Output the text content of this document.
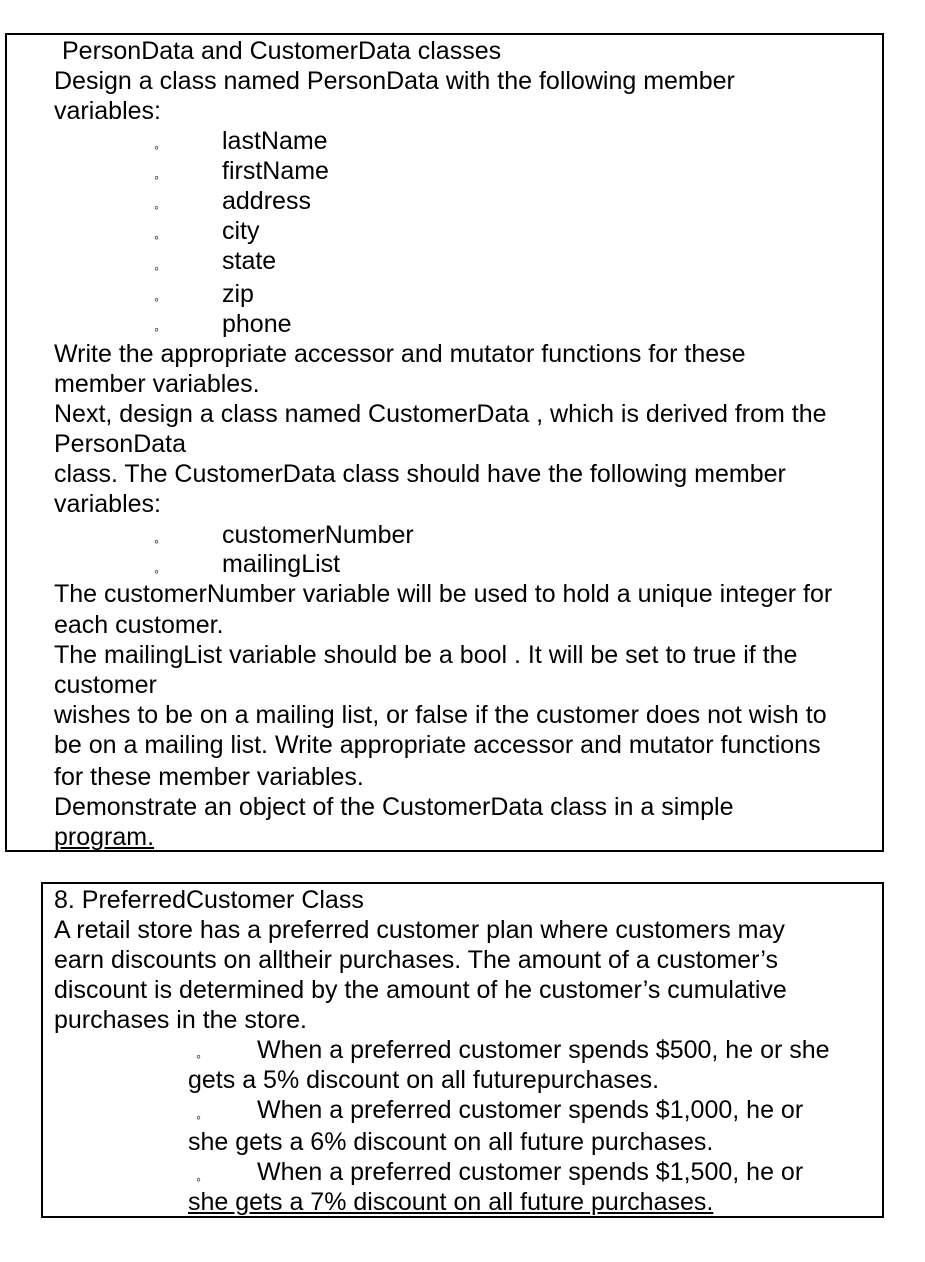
PersonData and CustomerData classes
Design a class named PersonData with the following member
variables:
◦	lastName
◦	firstName
◦	address
◦	city
◦	state
◦	zip
◦	phone
Write the appropriate accessor and mutator functions for these
member variables.
Next, design a class named CustomerData , which is derived from the
PersonData
class. The CustomerData class should have the following member
variables:
◦	customerNumber
◦	mailingList
The customerNumber variable will be used to hold a unique integer for
each customer.
The mailingList variable should be a bool . It will be set to true if the
customer
wishes to be on a mailing list, or false if the customer does not wish to
be on a mailing list. Write appropriate accessor and mutator functions
for these member variables.
Demonstrate an object of the CustomerData class in a simple
program.
8. PreferredCustomer Class
A retail store has a preferred customer plan where customers may
earn discounts on alltheir purchases. The amount of a customer’s
discount is determined by the amount of he customer’s cumulative
purchases in the store.
◦ When a preferred customer spends $500, he or she
gets a 5% discount on all futurepurchases.
◦ When a preferred customer spends $1,000, he or
she gets a 6% discount on all future purchases.
◦ When a preferred customer spends $1,500, he or
she gets a 7% discount on all future purchases.
